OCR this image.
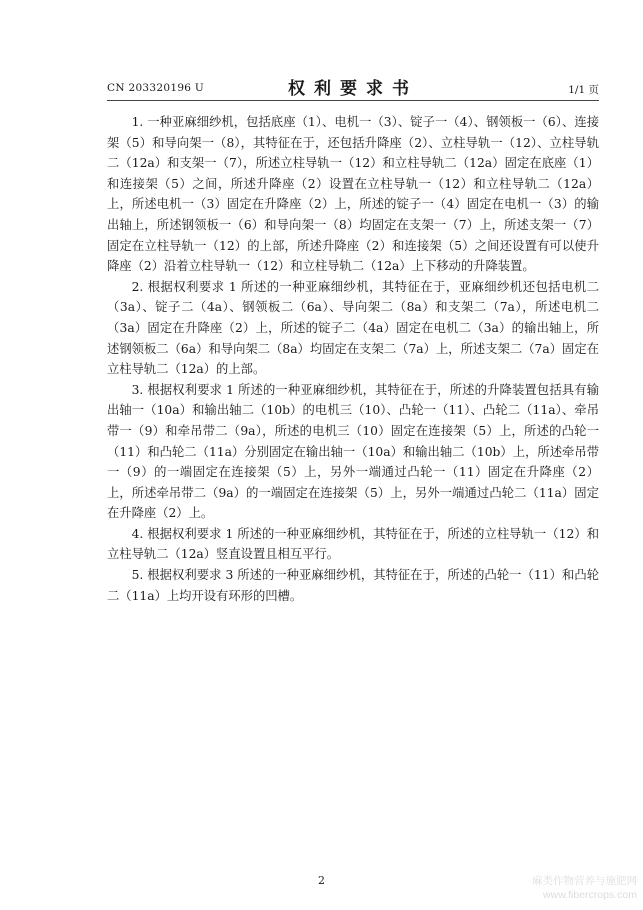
CN 203320196 U	权利要求书	1/1 页

1. 一种亚麻细纱机，包括底座（1）、电机一（3）、锭子一（4）、钢领板一（6）、连接架（5）和导向架一（8），其特征在于，还包括升降座（2）、立柱导轨一（12）、立柱导轨二（12a）和支架一（7），所述立柱导轨一（12）和立柱导轨二（12a）固定在底座（1）和连接架（5）之间，所述升降座（2）设置在立柱导轨一（12）和立柱导轨二（12a）上，所述电机一（3）固定在升降座（2）上，所述的锭子一（4）固定在电机一（3）的输出轴上，所述钢领板一（6）和导向架一（8）均固定在支架一（7）上，所述支架一（7）固定在立柱导轨一（12）的上部，所述升降座（2）和连接架（5）之间还设置有可以使升降座（2）沿着立柱导轨一（12）和立柱导轨二（12a）上下移动的升降装置。

2. 根据权利要求 1 所述的一种亚麻细纱机，其特征在于，亚麻细纱机还包括电机二（3a）、锭子二（4a）、钢领板二（6a）、导向架二（8a）和支架二（7a），所述电机二（3a）固定在升降座（2）上，所述的锭子二（4a）固定在电机二（3a）的输出轴上，所述钢领板二（6a）和导向架二（8a）均固定在支架二（7a）上，所述支架二（7a）固定在立柱导轨二（12a）的上部。

3. 根据权利要求 1 所述的一种亚麻细纱机，其特征在于，所述的升降装置包括具有输出轴一（10a）和输出轴二（10b）的电机三（10）、凸轮一（11）、凸轮二（11a）、牵吊带一（9）和牵吊带二（9a），所述的电机三（10）固定在连接架（5）上，所述的凸轮一（11）和凸轮二（11a）分别固定在输出轴一（10a）和输出轴二（10b）上，所述牵吊带一（9）的一端固定在连接架（5）上，另外一端通过凸轮一（11）固定在升降座（2）上，所述牵吊带二（9a）的一端固定在连接架（5）上，另外一端通过凸轮二（11a）固定在升降座（2）上。

4. 根据权利要求 1 所述的一种亚麻细纱机，其特征在于，所述的立柱导轨一（12）和立柱导轨二（12a）竖直设置且相互平行。

5. 根据权利要求 3 所述的一种亚麻细纱机，其特征在于，所述的凸轮一（11）和凸轮二（11a）上均开设有环形的凹槽。

2	麻类作物营养与施肥网
www.fibercrops.com
